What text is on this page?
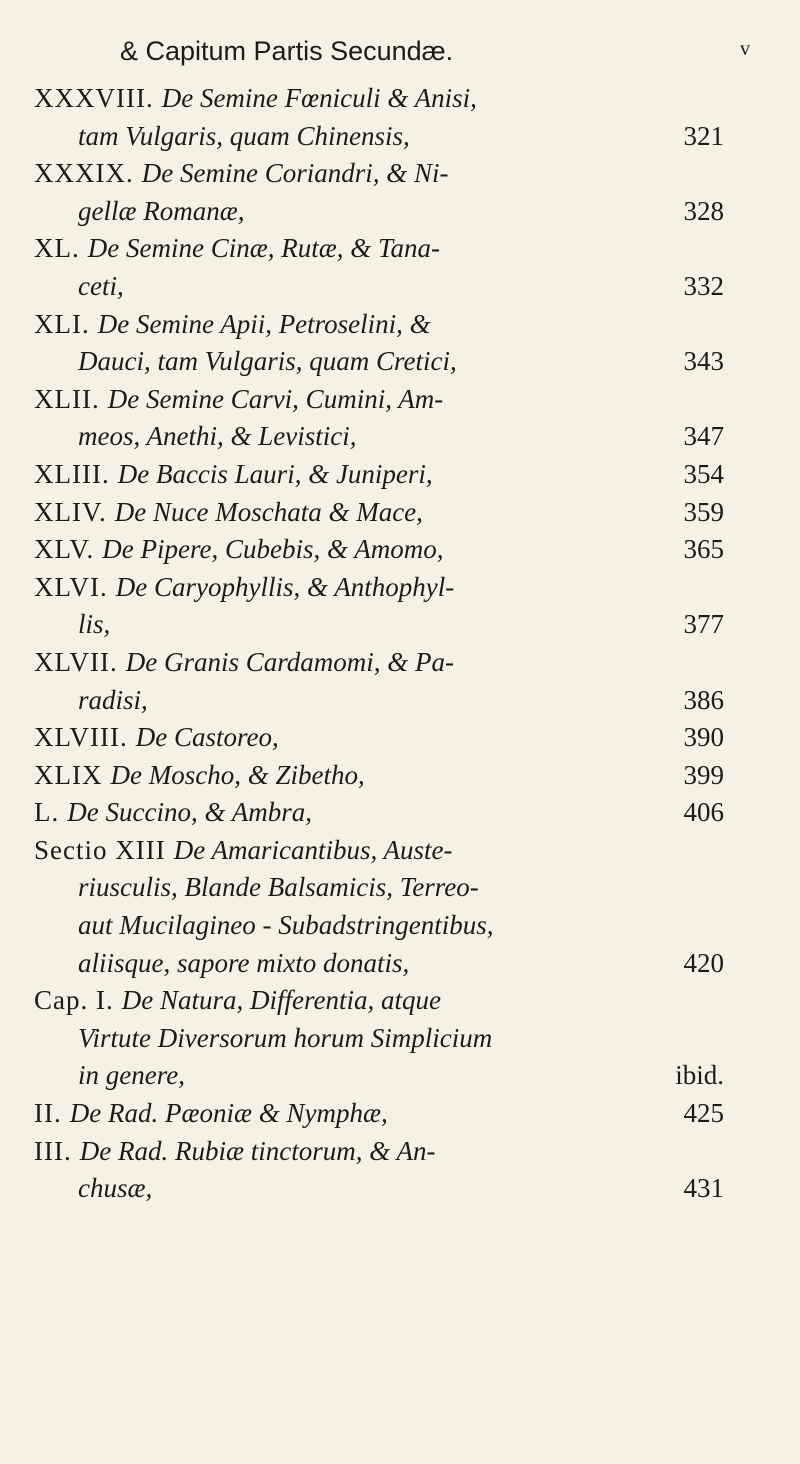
& Capitum Partis Secundæ.	v
XXXVIII. De Semine Fœniculi & Anisi,
tam Vulgaris, quam Chinensis,	321
XXXIX. De Semine Coriandri, & Ni-
gellæ Romanæ,	328
XL. De Semine Cinæ, Rutæ, & Tana-
ceti,	332
XLI. De Semine Apii, Petroselini, &
Dauci, tam Vulgaris, quam Cretici,	343
XLII. De Semine Carvi, Cumini, Am-
meos, Anethi, & Levistici,	347
XLIII. De Baccis Lauri, & Juniperi,	354
XLIV. De Nuce Moschata & Mace,	359
XLV. De Pipere, Cubebis, & Amomo,	365
XLVI. De Caryophyllis, & Anthophyl-
lis,	377
XLVII. De Granis Cardamomi, & Pa-
radisi,	386
XLVIII. De Castoreo,	390
XLIX De Moscho, & Zibetho,	399
L. De Succino, & Ambra,	406
Sectio XIII De Amaricantibus, Auste-
riusculis, Blande Balsamicis, Terreo-
aut Mucilagineo - Subadstringentibus,
aliisque, sapore mixto donatis,	420
Cap. I. De Natura, Differentia, atque
Virtute Diversorum horum Simplicium
in genere,	ibid.
II. De Rad. Pæoniæ & Nymphæ,	425
III. De Rad. Rubiæ tinctorum, & An-
chusæ,	431
